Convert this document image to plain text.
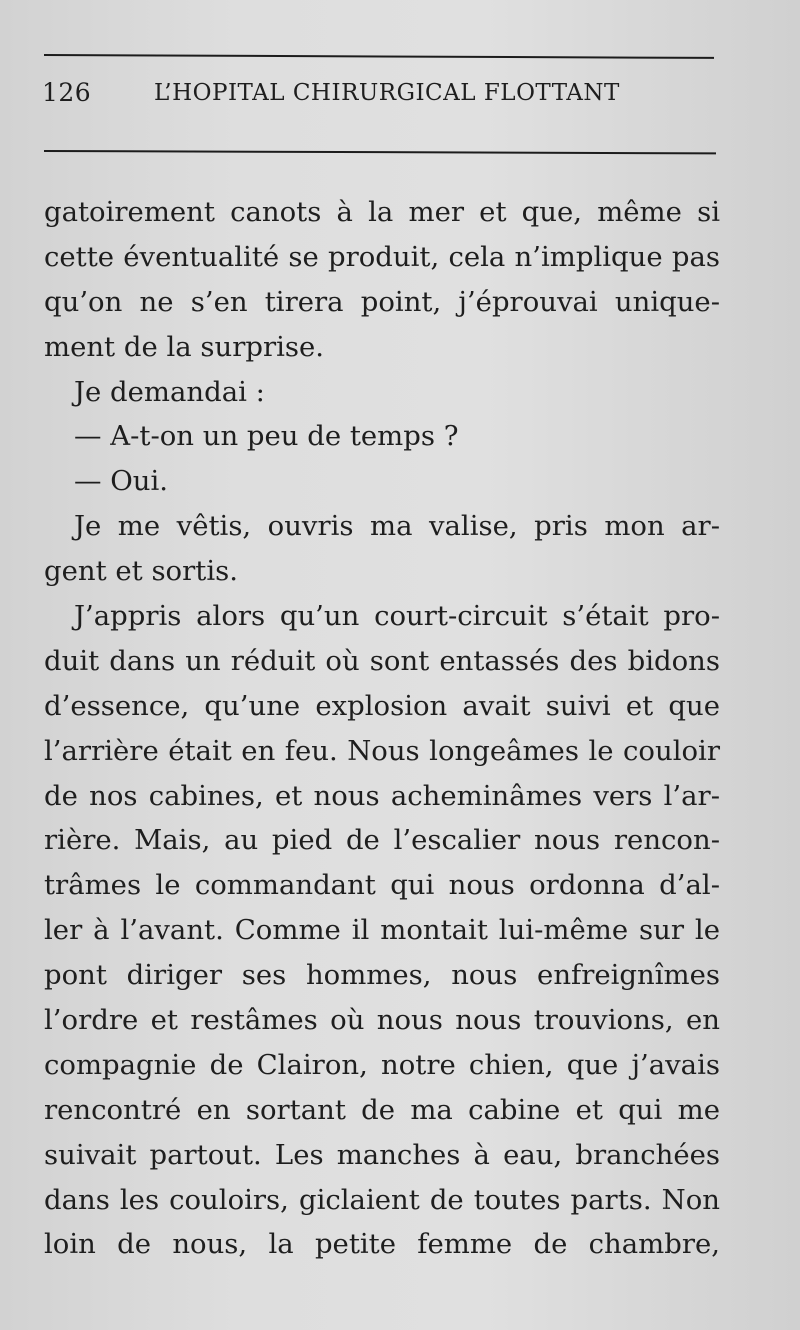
126	L’HOPITAL CHIRURGICAL FLOTTANT
gatoirement canots à la mer et que, même si
cette éventualité se produit, cela n’implique pas
qu’on ne s’en tirera point, j’éprouvai unique-
ment de la surprise.
Je demandai :
— A-t-on un peu de temps ?
— Oui.
Je me vêtis, ouvris ma valise, pris mon ar-
gent et sortis.
J’appris alors qu’un court-circuit s’était pro-
duit dans un réduit où sont entassés des bidons
d’essence, qu’une explosion avait suivi et que
l’arrière était en feu. Nous longeâmes le couloir
de nos cabines, et nous acheminâmes vers l’ar-
rière. Mais, au pied de l’escalier nous rencon-
trâmes le commandant qui nous ordonna d’al-
ler à l’avant. Comme il montait lui-même sur le
pont diriger ses hommes, nous enfreignîmes
l’ordre et restâmes où nous nous trouvions, en
compagnie de Clairon, notre chien, que j’avais
rencontré en sortant de ma cabine et qui me
suivait partout. Les manches à eau, branchées
dans les couloirs, giclaient de toutes parts. Non
loin de nous, la petite femme de chambre,
